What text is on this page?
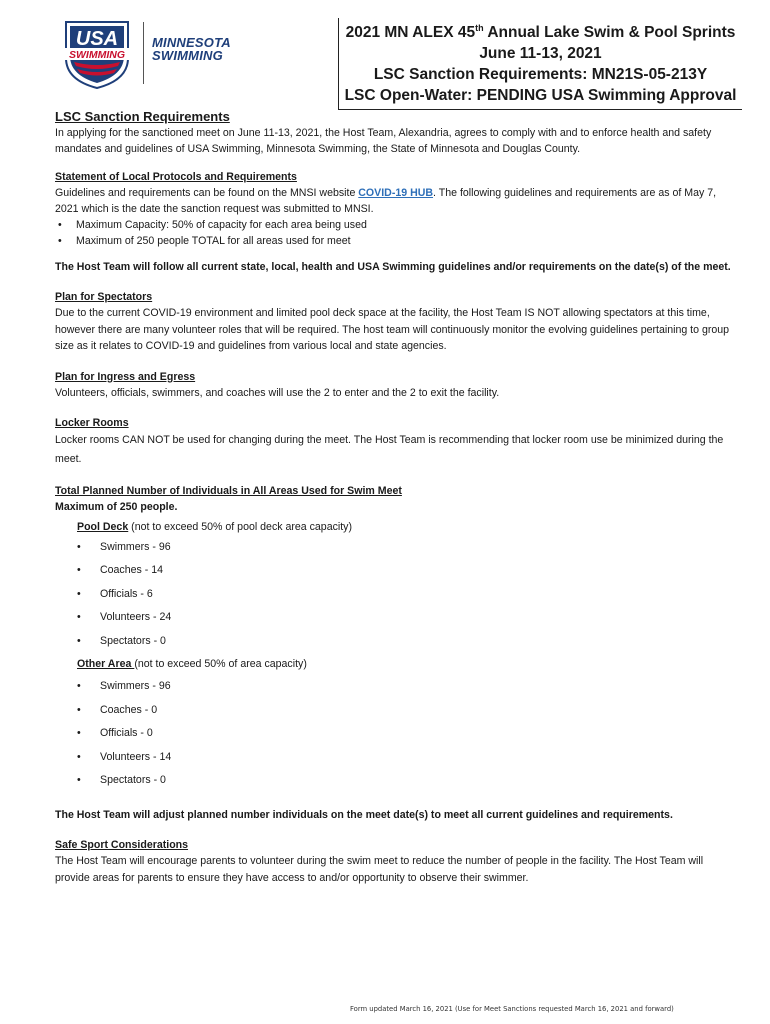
USA
SWIMMING
MINNESOTA
SWIMMING
2021 MN ALEX 45th Annual Lake Swim & Pool Sprints
June 11-13, 2021
LSC Sanction Requirements: MN21S-05-213Y
LSC Open-Water: PENDING USA Swimming Approval
LSC Sanction Requirements

In applying for the sanctioned meet on June 11-13, 2021, the Host Team, Alexandria, agrees to comply with and to enforce health and safety mandates and guidelines of USA Swimming, Minnesota Swimming, the State of Minnesota and Douglas County.

Statement of Local Protocols and Requirements

Guidelines and requirements can be found on the MNSI website COVID-19 HUB. The following guidelines and requirements are as of May 7, 2021 which is the date the sanction request was submitted to MNSI.

• Maximum Capacity: 50% of capacity for each area being used
• Maximum of 250 people TOTAL for all areas used for meet

The Host Team will follow all current state, local, health and USA Swimming guidelines and/or requirements on the date(s) of the meet.

Plan for Spectators

Due to the current COVID-19 environment and limited pool deck space at the facility, the Host Team IS NOT allowing spectators at this time, however there are many volunteer roles that will be required. The host team will continuously monitor the evolving guidelines pertaining to group size as it relates to COVID-19 and guidelines from various local and state agencies.

Plan for Ingress and Egress

Volunteers, officials, swimmers, and coaches will use the 2 to enter and the 2 to exit the facility.

Locker Rooms

Locker rooms CAN NOT be used for changing during the meet. The Host Team is recommending that locker room use be minimized during the meet.

Total Planned Number of Individuals in All Areas Used for Swim Meet
Maximum of 250 people.
Pool Deck (not to exceed 50% of pool deck area capacity)
• Swimmers - 96
• Coaches - 14
• Officials - 6
• Volunteers - 24
• Spectators - 0
Other Area (not to exceed 50% of area capacity)
• Swimmers - 96
• Coaches - 0
• Officials - 0
• Volunteers - 14
• Spectators - 0

The Host Team will adjust planned number individuals on the meet date(s) to meet all current guidelines and requirements.

Safe Sport Considerations

The Host Team will encourage parents to volunteer during the swim meet to reduce the number of people in the facility. The Host Team will provide areas for parents to ensure they have access to and/or opportunity to observe their swimmer.

Form updated March 16, 2021 (Use for Meet Sanctions requested March 16, 2021 and forward)
